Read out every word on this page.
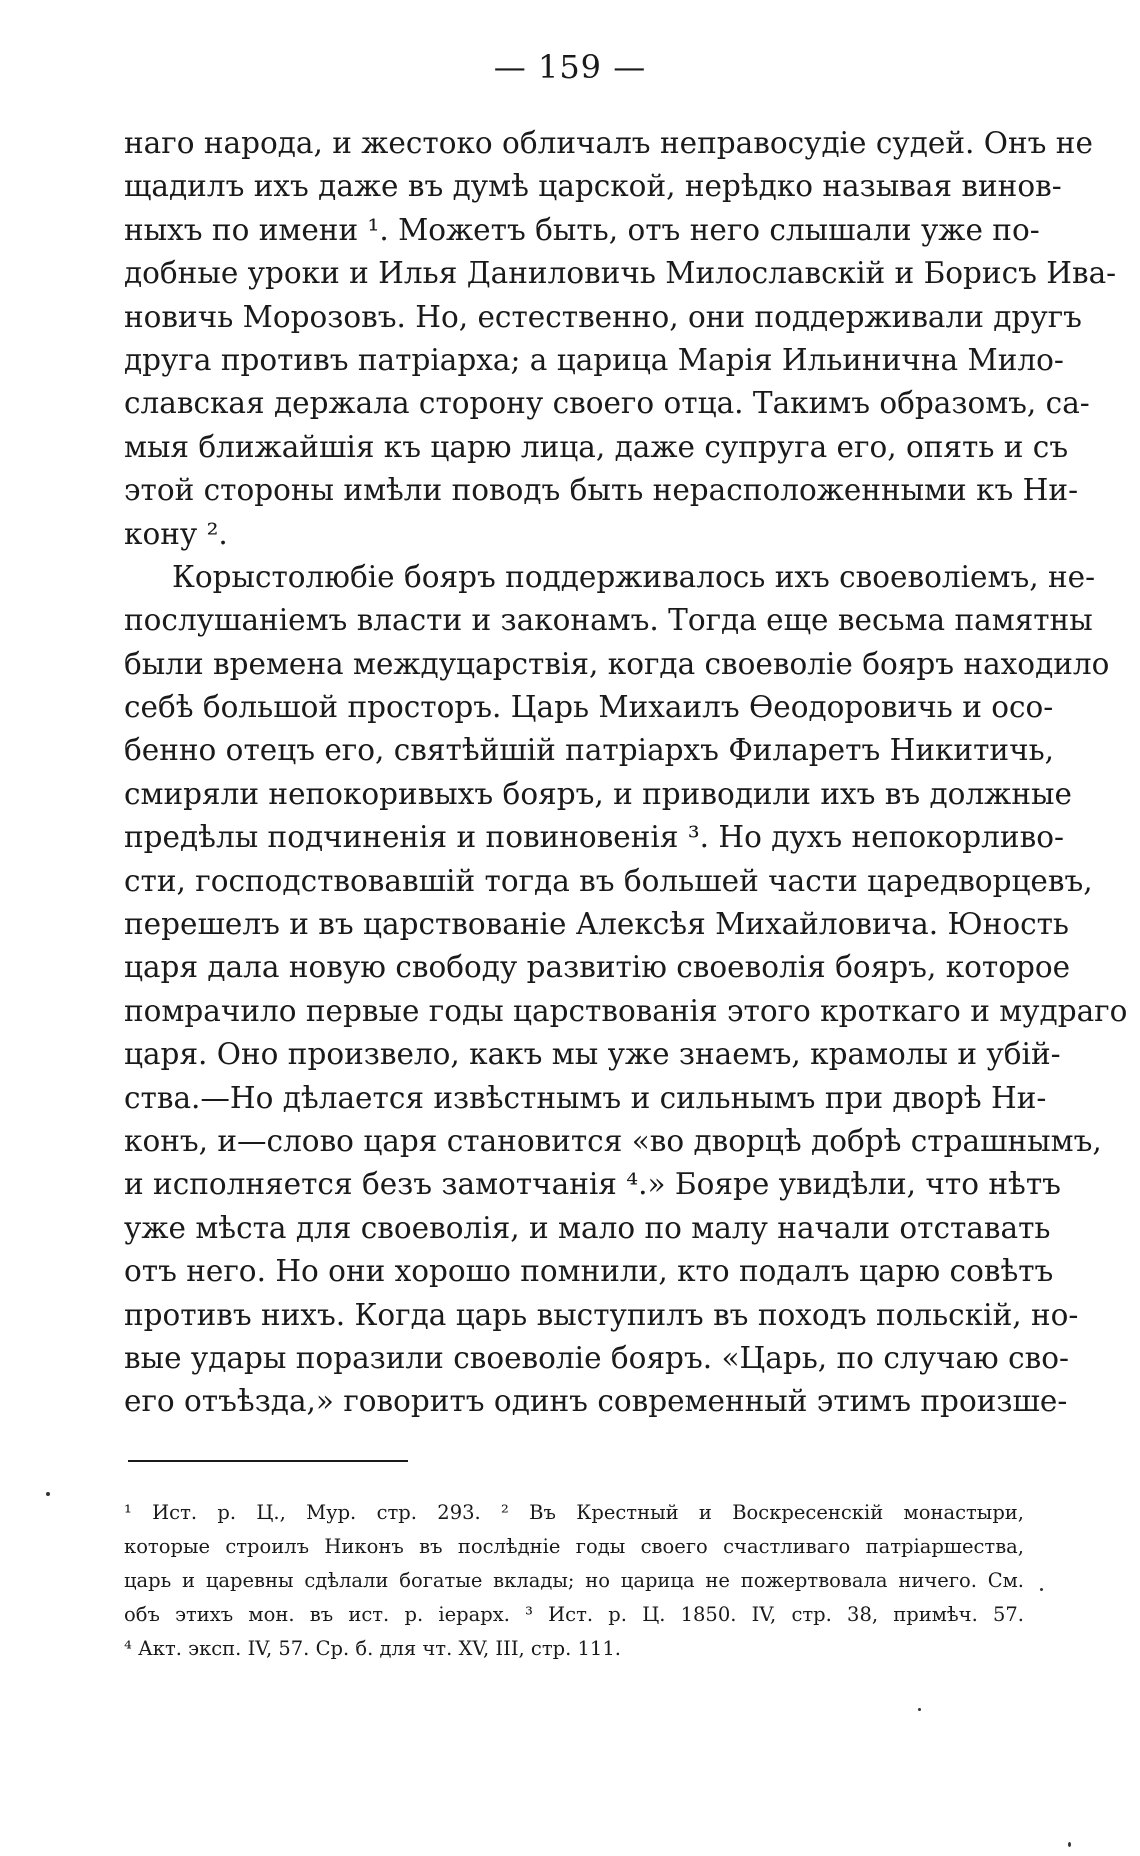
— 159 —
наго народа, и жестоко обличалъ неправосудіе судей. Онъ не
щадилъ ихъ даже въ думѣ царской, нерѣдко называя винов-
ныхъ по имени ¹. Можетъ быть, отъ него слышали уже по-
добные уроки и Илья Даниловичь Милославскій и Борисъ Ива-
новичь Морозовъ. Но, естественно, они поддерживали другъ
друга противъ патріарха; а царица Марія Ильинична Мило-
славская держала сторону своего отца. Такимъ образомъ, са-
мыя ближайшія къ царю лица, даже супруга его, опять и съ
этой стороны имѣли поводъ быть нерасположенными къ Ни-
кону ².
Корыстолюбіе бояръ поддерживалось ихъ своеволіемъ, не-
послушаніемъ власти и законамъ. Тогда еще весьма памятны
были времена междуцарствія, когда своеволіе бояръ находило
себѣ большой просторъ. Царь Михаилъ Ѳеодоровичь и осо-
бенно отецъ его, святѣйшій патріархъ Филаретъ Никитичь,
смиряли непокоривыхъ бояръ, и приводили ихъ въ должные
предѣлы подчиненія и повиновенія ³. Но духъ непокорливо-
сти, господствовавшій тогда въ большей части царедворцевъ,
перешелъ и въ царствованіе Алексѣя Михайловича. Юность
царя дала новую свободу развитію своеволія бояръ, которое
помрачило первые годы царствованія этого кроткаго и мудраго
царя. Оно произвело, какъ мы уже знаемъ, крамолы и убій-
ства.—Но дѣлается извѣстнымъ и сильнымъ при дворѣ Ни-
конъ, и—слово царя становится «во дворцѣ добрѣ страшнымъ,
и исполняется безъ замотчанія ⁴.» Бояре увидѣли, что нѣтъ
уже мѣста для своеволія, и мало по малу начали отставать
отъ него. Но они хорошо помнили, кто подалъ царю совѣтъ
противъ нихъ. Когда царь выступилъ въ походъ польскій, но-
вые удары поразили своеволіе бояръ. «Царь, по случаю сво-
его отъѣзда,» говоритъ одинъ современный этимъ произше-
¹ Ист. р. Ц., Мур. стр. 293. ² Въ Крестный и Воскресенскій монастыри,
которые строилъ Никонъ въ послѣдніе годы своего счастливаго патріаршества,
царь и царевны сдѣлали богатые вклады; но царица не пожертвовала ничего. См.
объ этихъ мон. въ ист. р. іерарх. ³ Ист. р. Ц. 1850. IV, стр. 38, примѣч. 57.
⁴ Акт. эксп. IV, 57. Ср. б. для чт. XV, III, стр. 111.
